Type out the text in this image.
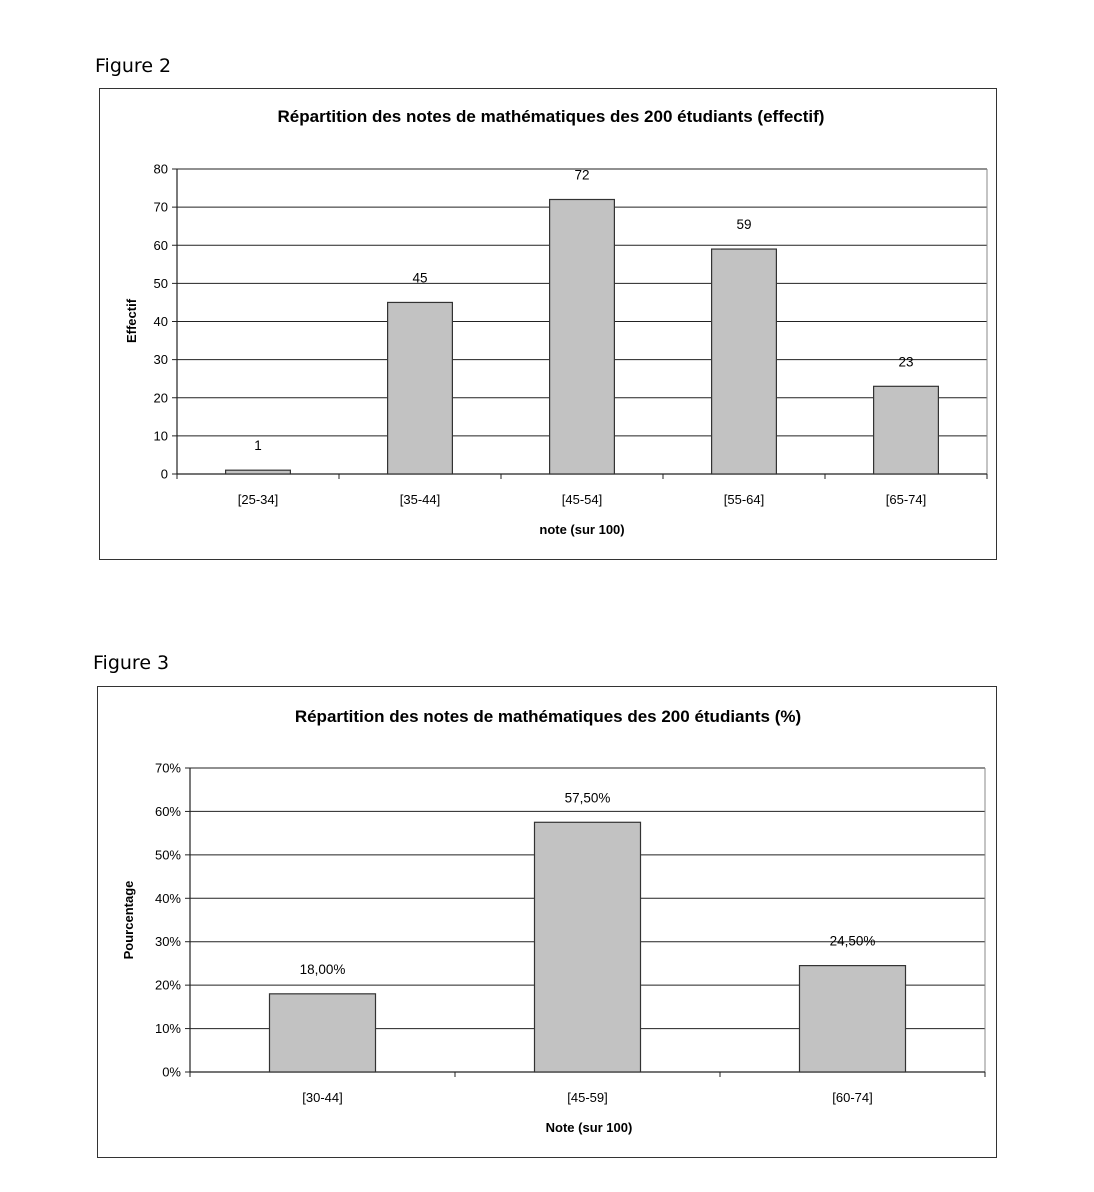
Figure 2
Répartition des notes de mathématiques des 200 étudiants (effectif)
0
10
20
30
40
50
60
70
80
1
[25-34]
45
[35-44]
72
[45-54]
59
[55-64]
23
[65-74]
note (sur 100)
Effectif
Figure 3
Répartition des notes de mathématiques des 200 étudiants (%)
0%
10%
20%
30%
40%
50%
60%
70%
18,00%
[30-44]
57,50%
[45-59]
24,50%
[60-74]
Note (sur 100)
Pourcentage
